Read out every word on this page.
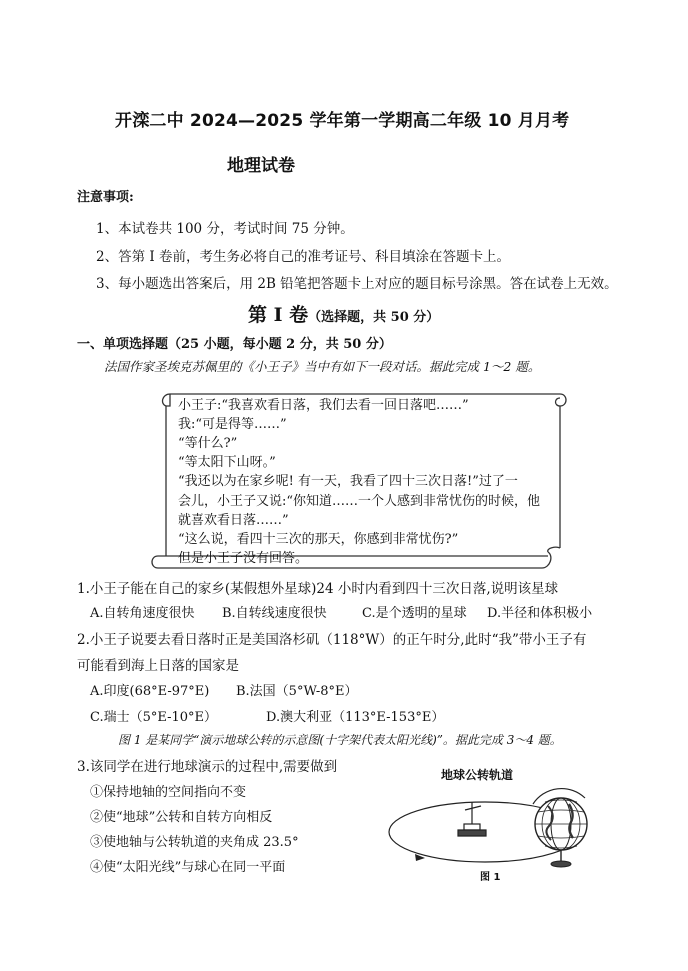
开滦二中 2024—2025 学年第一学期高二年级 10 月月考
地理试卷
注意事项:
1、本试卷共 100 分，考试时间 75 分钟。
2、答第 I 卷前，考生务必将自己的准考证号、科目填涂在答题卡上。
3、每小题选出答案后，用 2B 铅笔把答题卡上对应的题目标号涂黑。答在试卷上无效。
第 I 卷（选择题，共 50 分）
一、单项选择题（25 小题，每小题 2 分，共 50 分）
法国作家圣埃克苏佩里的《小王子》当中有如下一段对话。据此完成 1～2 题。
小王子:“我喜欢看日落，我们去看一回日落吧……”
我:“可是得等……”
“等什么?”
“等太阳下山呀。”
“我还以为在家乡呢! 有一天，我看了四十三次日落!”过了一
会儿，小王子又说:“你知道……一个人感到非常忧伤的时候，他
就喜欢看日落……”
“这么说，看四十三次的那天，你感到非常忧伤?”
但是小王子没有回答。
1.小王子能在自己的家乡(某假想外星球)24 小时内看到四十三次日落,说明该星球
A.自转角速度很快 B.自转线速度很快	C.是个透明的星球 D.半径和体积极小
2.小王子说要去看日落时正是美国洛杉矶（118°W）的正午时分,此时“我”带小王子有
可能看到海上日落的国家是
A.印度(68°E-97°E) B.法国（5°W-8°E）
C.瑞士（5°E-10°E）	D.澳大利亚（113°E-153°E）
图 1 是某同学“演示地球公转的示意图(十字架代表太阳光线)”。据此完成 3～4 题。
3.该同学在进行地球演示的过程中,需要做到
①保持地轴的空间指向不变
②使“地球”公转和自转方向相反
③使地轴与公转轨道的夹角成 23.5°
④使“太阳光线”与球心在同一平面
地球公转轨道
图 1
